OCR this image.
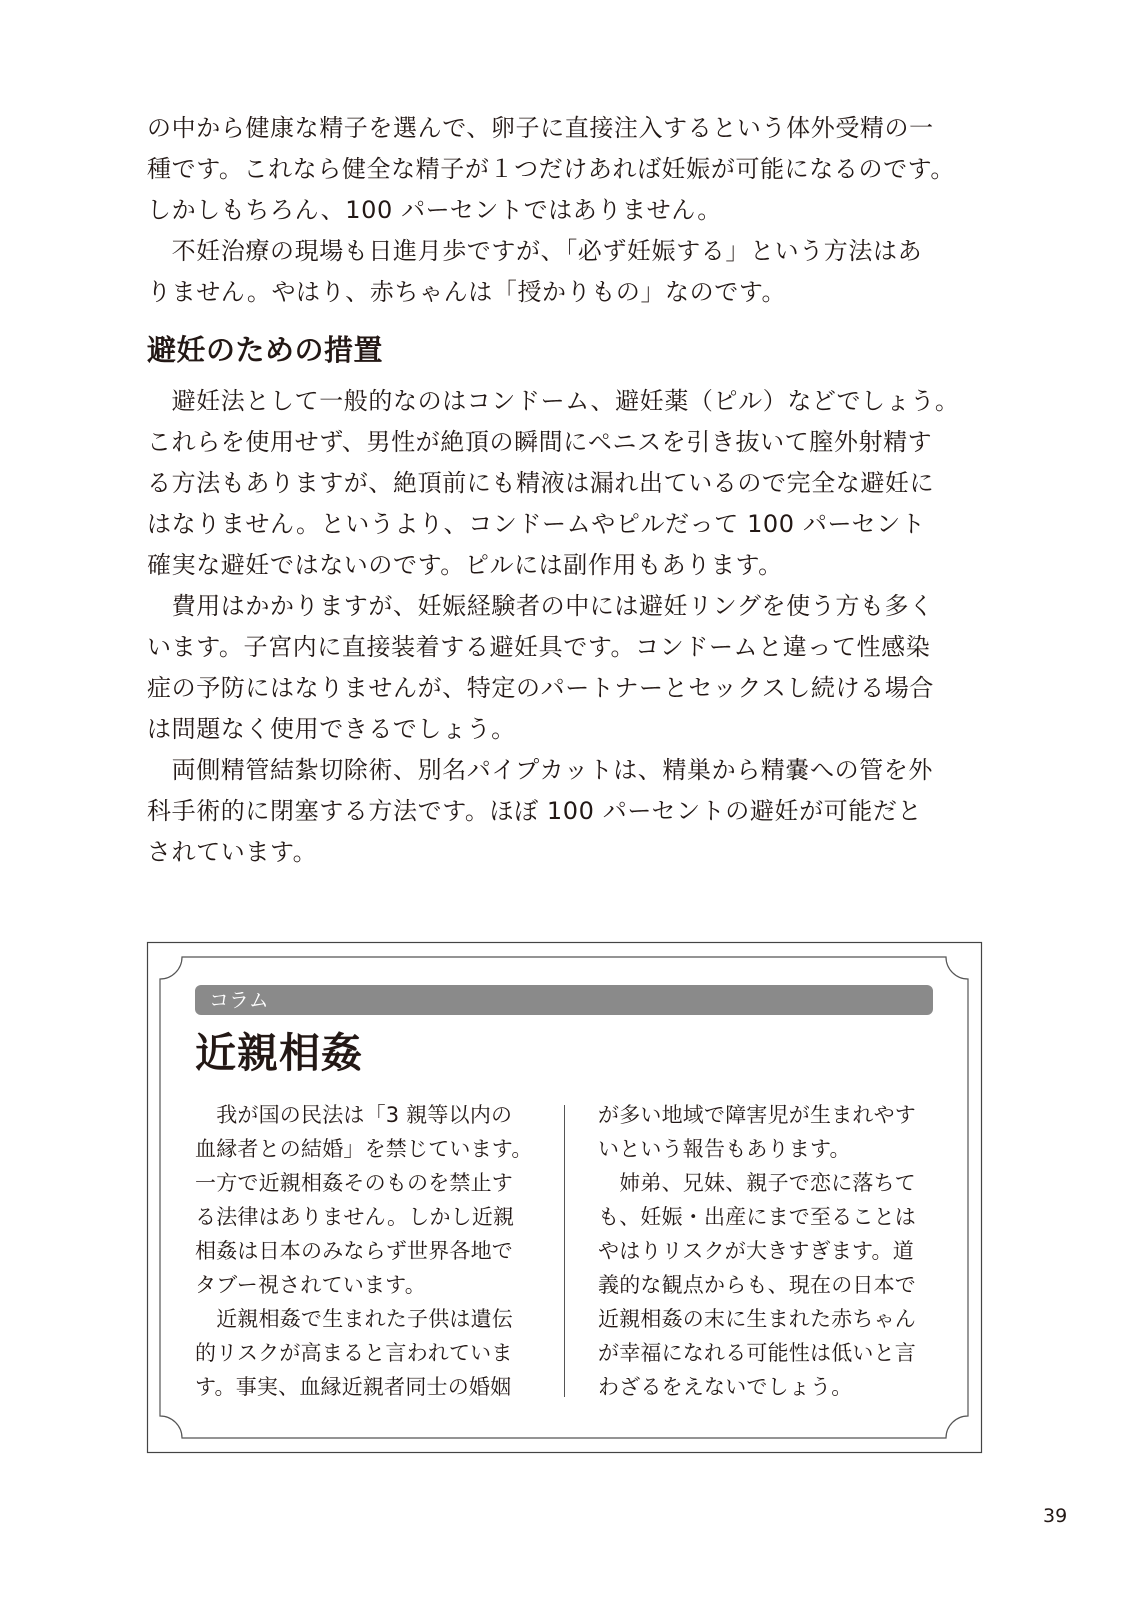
の中から健康な精子を選んで、卵子に直接注入するという体外受精の一
種です。これなら健全な精子が１つだけあれば妊娠が可能になるのです。
しかしもちろん、100 パーセントではありません。
　不妊治療の現場も日進月歩ですが、「必ず妊娠する」という方法はあ
りません。やはり、赤ちゃんは「授かりもの」なのです。
避妊のための措置
　避妊法として一般的なのはコンドーム、避妊薬（ピル）などでしょう。
これらを使用せず、男性が絶頂の瞬間にペニスを引き抜いて膣外射精す
る方法もありますが、絶頂前にも精液は漏れ出ているので完全な避妊に
はなりません。というより、コンドームやピルだって 100 パーセント
確実な避妊ではないのです。ピルには副作用もあります。
　費用はかかりますが、妊娠経験者の中には避妊リングを使う方も多く
います。子宮内に直接装着する避妊具です。コンドームと違って性感染
症の予防にはなりませんが、特定のパートナーとセックスし続ける場合
は問題なく使用できるでしょう。
　両側精管結紮切除術、別名パイプカットは、精巣から精嚢への管を外
科手術的に閉塞する方法です。ほぼ 100 パーセントの避妊が可能だと
されています。
コラム
近親相姦
　我が国の民法は「3 親等以内の
血縁者との結婚」を禁じています。
一方で近親相姦そのものを禁止す
る法律はありません。しかし近親
相姦は日本のみならず世界各地で
タブー視されています。
　近親相姦で生まれた子供は遺伝
的リスクが高まると言われていま
す。事実、血縁近親者同士の婚姻
が多い地域で障害児が生まれやす
いという報告もあります。
　姉弟、兄妹、親子で恋に落ちて
も、妊娠・出産にまで至ることは
やはりリスクが大きすぎます。道
義的な観点からも、現在の日本で
近親相姦の末に生まれた赤ちゃん
が幸福になれる可能性は低いと言
わざるをえないでしょう。
39
